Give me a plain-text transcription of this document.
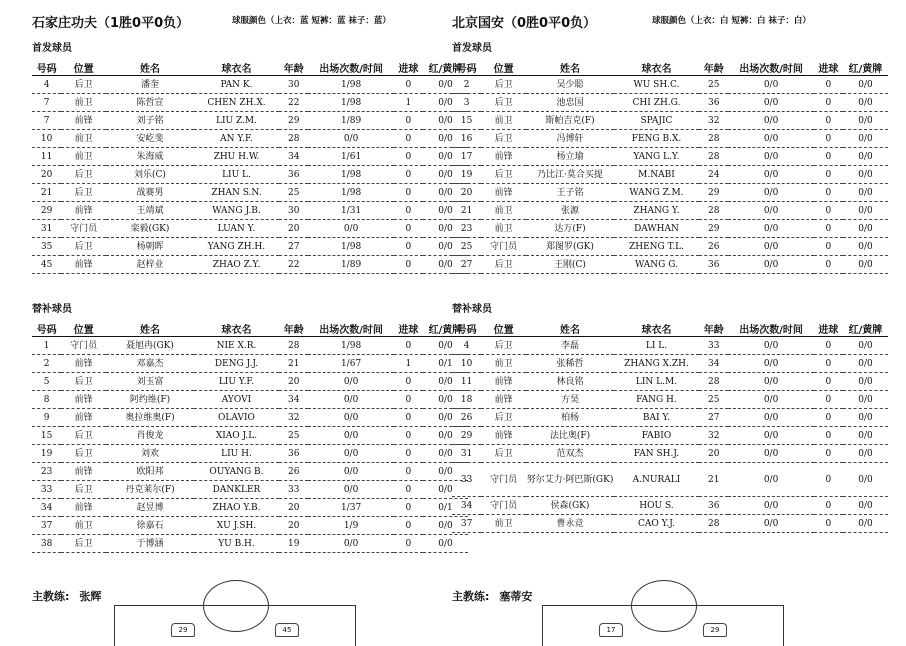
石家庄功夫（1胜0平0负）	球服颜色（上衣：蓝 短裤：蓝 袜子：蓝）
首发球员
号码	位置	姓名	球衣名	年龄	出场次数/时间	进球	红/黄牌
4	后卫	潘奎	PAN K.	30	1/98	0	0/0
7	前卫	陈哲宣	CHEN ZH.X.	22	1/98	1	0/0
7	前锋	刘子铭	LIU Z.M.	29	1/89	0	0/0
10	前卫	安屹斐	AN Y.F.	28	0/0	0	0/0
11	前卫	朱海威	ZHU H.W.	34	1/61	0	0/0
20	后卫	刘乐(C)	LIU L.	36	1/98	0	0/0
21	后卫	战赛男	ZHAN S.N.	25	1/98	0	0/0
29	前锋	王靖斌	WANG J.B.	30	1/31	0	0/0
31	守门员	栾毅(GK)	LUAN Y.	20	0/0	0	0/0
35	后卫	杨朝晖	YANG ZH.H.	27	1/98	0	0/0
45	前锋	赵梓业	ZHAO Z.Y.	22	1/89	0	0/0
替补球员
号码	位置	姓名	球衣名	年龄	出场次数/时间	进球	红/黄牌
1	守门员	聂旭冉(GK)	NIE X.R.	28	1/98	0	0/0
2	前锋	邓嘉杰	DENG J.J.	21	1/67	1	0/1
5	后卫	刘玉富	LIU Y.F.	20	0/0	0	0/0
8	前锋	阿约维(F)	AYOVI	34	0/0	0	0/0
9	前锋	奥拉维奥(F)	OLAVIO	32	0/0	0	0/0
15	后卫	肖俊龙	XIAO J.L.	25	0/0	0	0/0
19	后卫	刘欢	LIU H.	36	0/0	0	0/0
23	前锋	欧阳邦	OUYANG B.	26	0/0	0	0/0
33	后卫	丹克莱尔(F)	DANKLER	33	0/0	0	0/0
34	前锋	赵昱博	ZHAO Y.B.	20	1/37	0	0/1
37	前卫	徐嘉石	XU J.SH.	20	1/9	0	0/0
38	后卫	于博涵	YU B.H.	19	0/0	0	0/0
主教练: 张辉
29	45
北京国安（0胜0平0负）	球服颜色（上衣：白 短裤：白 袜子：白）
首发球员
号码	位置	姓名	球衣名	年龄	出场次数/时间	进球	红/黄牌
2	后卫	吴少聪	WU SH.C.	25	0/0	0	0/0
3	后卫	池忠国	CHI ZH.G.	36	0/0	0	0/0
15	前卫	斯帕吉克(F)	SPAJIC	32	0/0	0	0/0
16	后卫	冯博轩	FENG B.X.	28	0/0	0	0/0
17	前锋	杨立瑜	YANG L.Y.	28	0/0	0	0/0
19	后卫	乃比江·莫合买提	M.NABI	24	0/0	0	0/0
20	前锋	王子铭	WANG Z.M.	29	0/0	0	0/0
21	前卫	张源	ZHANG Y.	28	0/0	0	0/0
23	前卫	达万(F)	DAWHAN	29	0/0	0	0/0
25	守门员	郑图罗(GK)	ZHENG T.L.	26	0/0	0	0/0
27	后卫	王刚(C)	WANG G.	36	0/0	0	0/0
替补球员
号码	位置	姓名	球衣名	年龄	出场次数/时间	进球	红/黄牌
4	后卫	李磊	LI L.	33	0/0	0	0/0
10	前卫	张稀哲	ZHANG X.ZH.	34	0/0	0	0/0
11	前锋	林良铭	LIN L.M.	28	0/0	0	0/0
18	前锋	方昊	FANG H.	25	0/0	0	0/0
26	后卫	柏杨	BAI Y.	27	0/0	0	0/0
29	前锋	法比奥(F)	FABIO	32	0/0	0	0/0
31	后卫	范双杰	FAN SH.J.	20	0/0	0	0/0
33	守门员	努尔艾力·阿巴斯(GK)	A.NURALI	21	0/0	0	0/0
34	守门员	侯森(GK)	HOU S.	36	0/0	0	0/0
37	前卫	曹永竞	CAO Y.J.	28	0/0	0	0/0
主教练: 塞蒂安
17	29
